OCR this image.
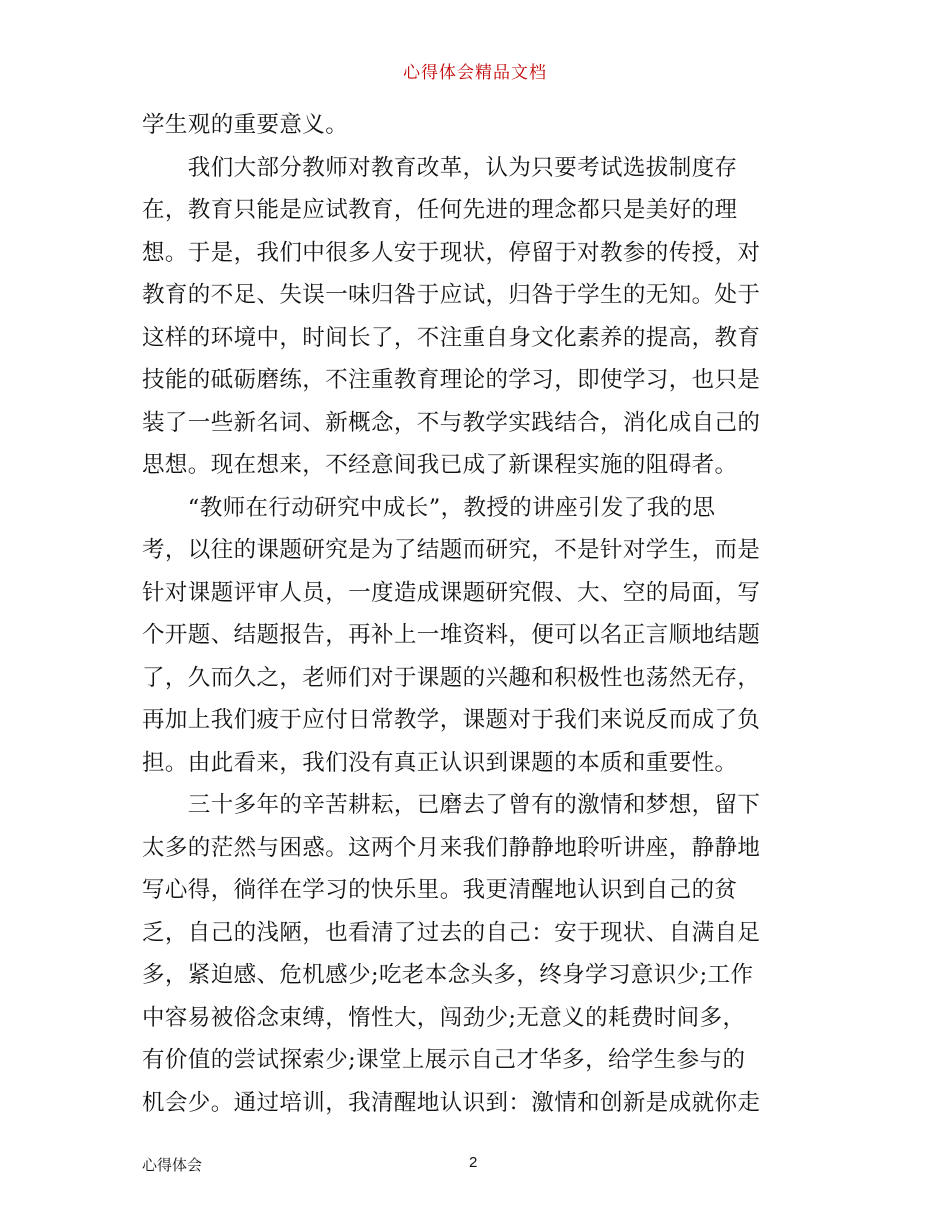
心得体会精品文档
学生观的重要意义。
　　我们大部分教师对教育改革，认为只要考试选拔制度存
在，教育只能是应试教育，任何先进的理念都只是美好的理
想。于是，我们中很多人安于现状，停留于对教参的传授，对
教育的不足、失误一味归咎于应试，归咎于学生的无知。处于
这样的环境中，时间长了，不注重自身文化素养的提高，教育
技能的砥砺磨练，不注重教育理论的学习，即使学习，也只是
装了一些新名词、新概念，不与教学实践结合，消化成自己的
思想。现在想来，不经意间我已成了新课程实施的阻碍者。
　　“教师在行动研究中成长”，教授的讲座引发了我的思
考，以往的课题研究是为了结题而研究，不是针对学生，而是
针对课题评审人员，一度造成课题研究假、大、空的局面，写
个开题、结题报告，再补上一堆资料，便可以名正言顺地结题
了，久而久之，老师们对于课题的兴趣和积极性也荡然无存，
再加上我们疲于应付日常教学，课题对于我们来说反而成了负
担。由此看来，我们没有真正认识到课题的本质和重要性。
　　三十多年的辛苦耕耘，已磨去了曾有的激情和梦想，留下
太多的茫然与困惑。这两个月来我们静静地聆听讲座，静静地
写心得，徜徉在学习的快乐里。我更清醒地认识到自己的贫
乏，自己的浅陋，也看清了过去的自己：安于现状、自满自足
多，紧迫感、危机感少;吃老本念头多，终身学习意识少;工作
中容易被俗念束缚，惰性大，闯劲少;无意义的耗费时间多，
有价值的尝试探索少;课堂上展示自己才华多，给学生参与的
机会少。通过培训，我清醒地认识到：激情和创新是成就你走
心得体会	2
